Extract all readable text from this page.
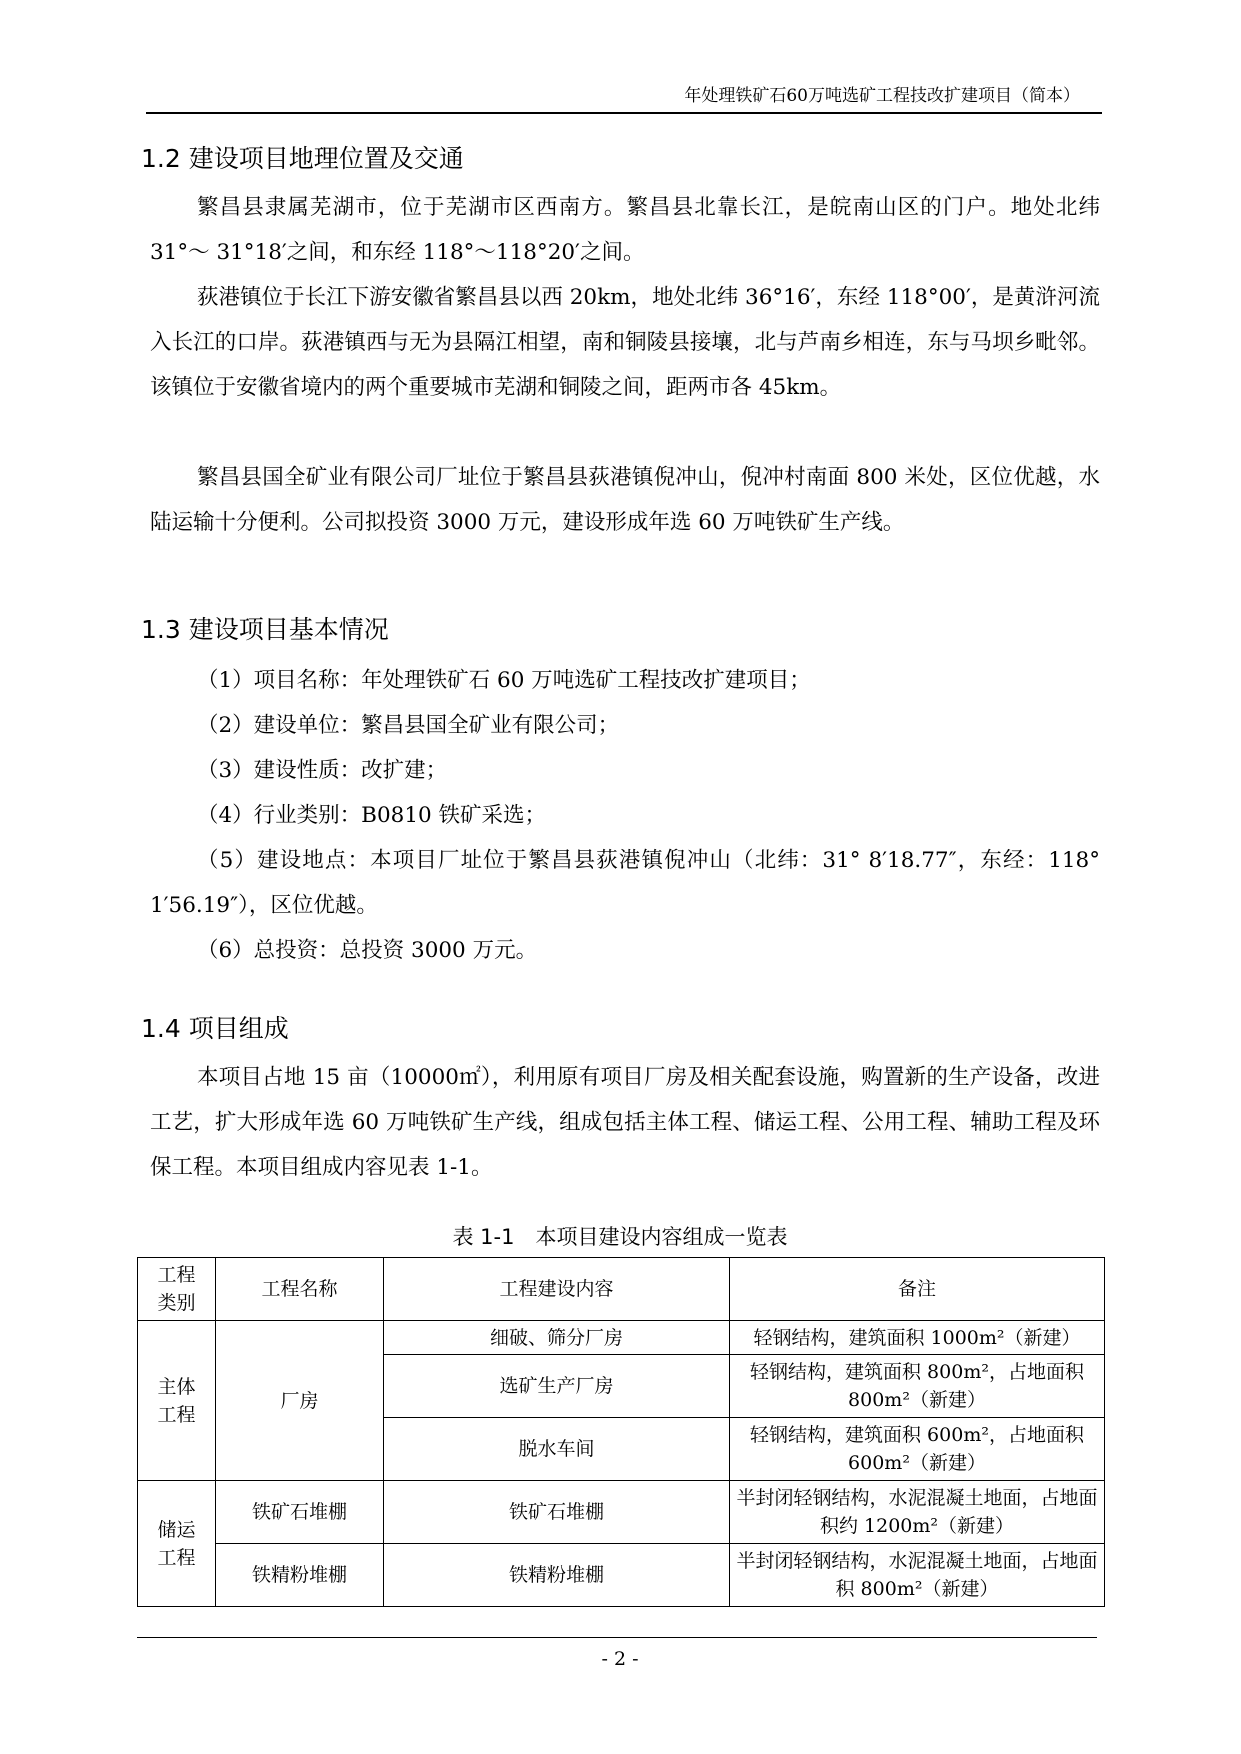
年处理铁矿石60万吨选矿工程技改扩建项目（简本）
1.2 建设项目地理位置及交通
繁昌县隶属芜湖市，位于芜湖市区西南方。繁昌县北靠长江，是皖南山区的门户。地处北纬 31°～ 31°18′之间，和东经 118°～118°20′之间。
荻港镇位于长江下游安徽省繁昌县以西 20km，地处北纬 36°16′，东经 118°00′，是黄浒河流入长江的口岸。荻港镇西与无为县隔江相望，南和铜陵县接壤，北与芦南乡相连，东与马坝乡毗邻。该镇位于安徽省境内的两个重要城市芜湖和铜陵之间，距两市各 45km。
繁昌县国全矿业有限公司厂址位于繁昌县荻港镇倪冲山，倪冲村南面 800 米处，区位优越，水陆运输十分便利。公司拟投资 3000 万元，建设形成年选 60 万吨铁矿生产线。
1.3 建设项目基本情况
（1）项目名称：年处理铁矿石 60 万吨选矿工程技改扩建项目；
（2）建设单位：繁昌县国全矿业有限公司；
（3）建设性质：改扩建；
（4）行业类别：B0810 铁矿采选；
（5）建设地点：本项目厂址位于繁昌县荻港镇倪冲山（北纬：31° 8′18.77″，东经：118° 1′56.19″），区位优越。
（6）总投资：总投资 3000 万元。
1.4 项目组成
本项目占地 15 亩（10000㎡），利用原有项目厂房及相关配套设施，购置新的生产设备，改进工艺，扩大形成年选 60 万吨铁矿生产线，组成包括主体工程、储运工程、公用工程、辅助工程及环保工程。本项目组成内容见表 1-1。
表 1-1　本项目建设内容组成一览表
工程类别	工程名称	工程建设内容	备注
主体工程	厂房	细破、筛分厂房	轻钢结构，建筑面积 1000m²（新建）
		选矿生产厂房	轻钢结构，建筑面积 800m²，占地面积 800m²（新建）
		脱水车间	轻钢结构，建筑面积 600m²，占地面积 600m²（新建）
储运工程	铁矿石堆棚	铁矿石堆棚	半封闭轻钢结构，水泥混凝土地面，占地面积约 1200m²（新建）
	铁精粉堆棚	铁精粉堆棚	半封闭轻钢结构，水泥混凝土地面，占地面积 800m²（新建）
- 2 -
